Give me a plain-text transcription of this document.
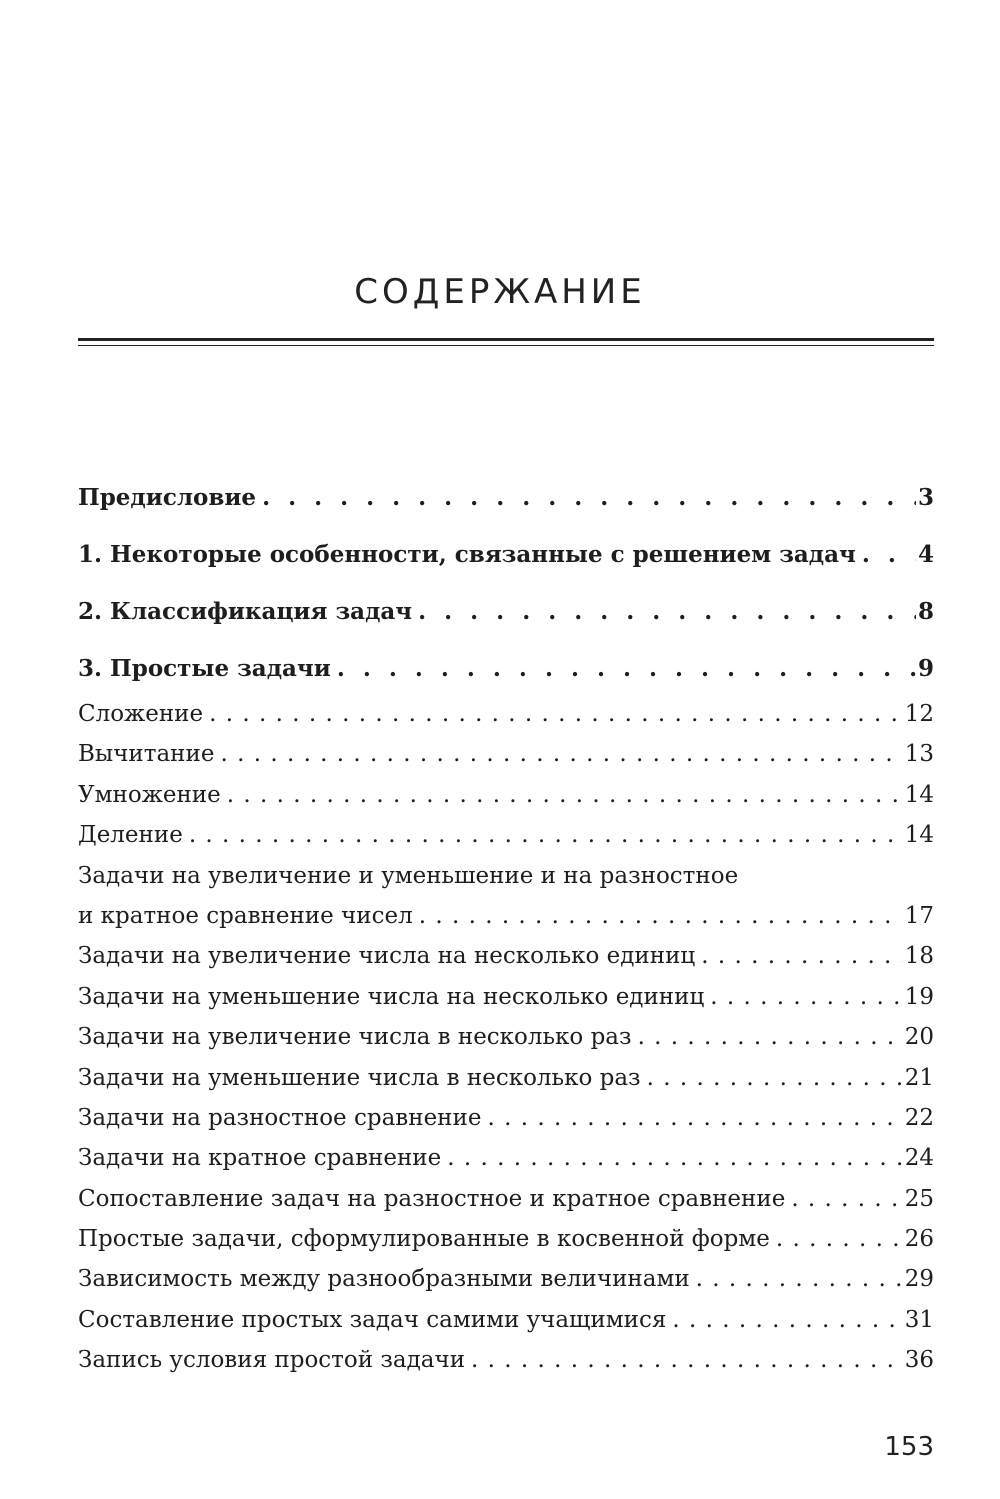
СОДЕРЖАНИЕ
Предисловие . . .	3
1. Некоторые особенности, связанные с решением задач . . .	4
2. Классификация задач . . .	8
3. Простые задачи . . .	9
Сложение . . .	12
Вычитание . . .	13
Умножение . . .	14
Деление . . .	14
Задачи на увеличение и уменьшение и на разностное
и кратное сравнение чисел . . .	17
Задачи на увеличение числа на несколько единиц . . .	18
Задачи на уменьшение числа на несколько единиц . . .	19
Задачи на увеличение числа в несколько раз . . .	20
Задачи на уменьшение числа в несколько раз . . .	21
Задачи на разностное сравнение . . .	22
Задачи на кратное сравнение . . .	24
Сопоставление задач на разностное и кратное сравнение . . .	25
Простые задачи, сформулированные в косвенной форме . . .	26
Зависимость между разнообразными величинами . . .	29
Составление простых задач самими учащимися . . .	31
Запись условия простой задачи . . .	36
153
